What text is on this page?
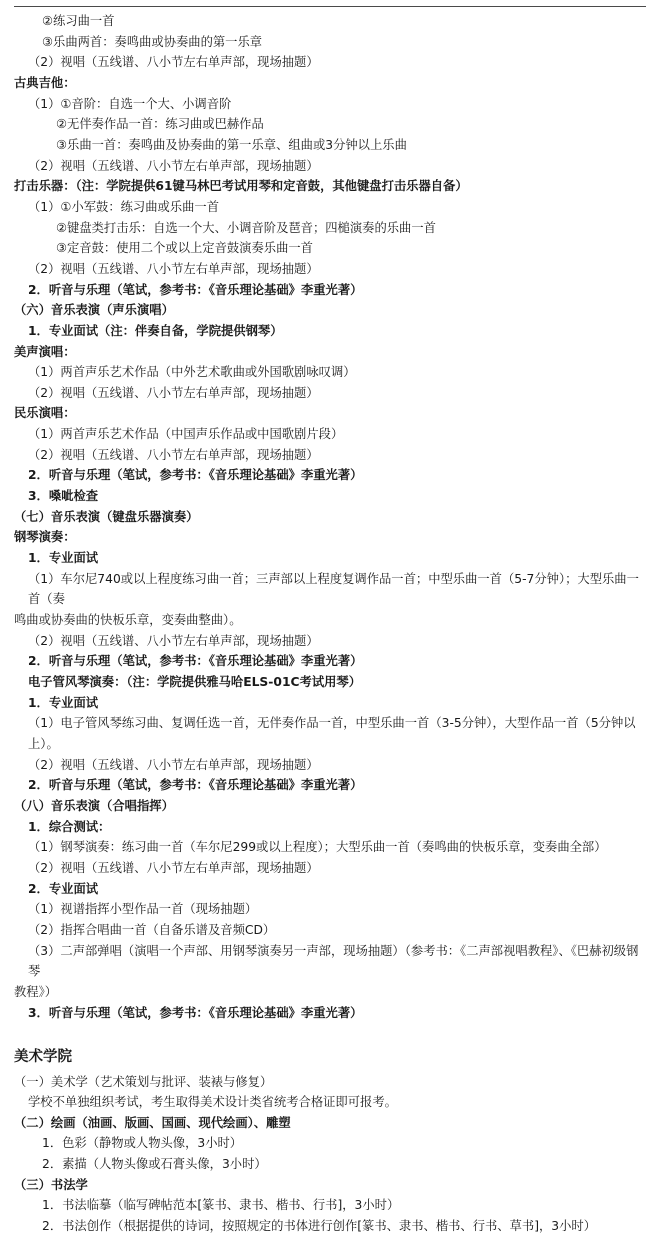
②练习曲一首
③乐曲两首：奏鸣曲或协奏曲的第一乐章
（2）视唱（五线谱、八小节左右单声部，现场抽题）
古典吉他：
（1）①音阶：自选一个大、小调音阶
②无伴奏作品一首：练习曲或巴赫作品
③乐曲一首：奏鸣曲及协奏曲的第一乐章、组曲或3分钟以上乐曲
（2）视唱（五线谱、八小节左右单声部，现场抽题）
打击乐器：（注：学院提供61键马林巴考试用琴和定音鼓，其他键盘打击乐器自备）
（1）①小军鼓：练习曲或乐曲一首
②键盘类打击乐：自选一个大、小调音阶及琶音；四槌演奏的乐曲一首
③定音鼓：使用二个或以上定音鼓演奏乐曲一首
（2）视唱（五线谱、八小节左右单声部，现场抽题）
2．听音与乐理（笔试，参考书：《音乐理论基础》李重光著）
（六）音乐表演（声乐演唱）
1．专业面试（注：伴奏自备，学院提供钢琴）
美声演唱：
（1）两首声乐艺术作品（中外艺术歌曲或外国歌剧咏叹调）
（2）视唱（五线谱、八小节左右单声部，现场抽题）
民乐演唱：
（1）两首声乐艺术作品（中国声乐作品或中国歌剧片段）
（2）视唱（五线谱、八小节左右单声部，现场抽题）
2．听音与乐理（笔试，参考书：《音乐理论基础》李重光著）
3．嗓呲检查
（七）音乐表演（键盘乐器演奏）
钢琴演奏：
1．专业面试
（1）车尔尼740或以上程度练习曲一首；三声部以上程度复调作品一首；中型乐曲一首（5-7分钟）；大型乐曲一首（奏
鸣曲或协奏曲的快板乐章，变奏曲整曲）。
（2）视唱（五线谱、八小节左右单声部，现场抽题）
2．听音与乐理（笔试，参考书：《音乐理论基础》李重光著）
电子管风琴演奏：（注：学院提供雅马哈ELS-01C考试用琴）
1．专业面试
（1）电子管风琴练习曲、复调任选一首，无伴奏作品一首，中型乐曲一首（3-5分钟），大型作品一首（5分钟以上）。
（2）视唱（五线谱、八小节左右单声部，现场抽题）
2．听音与乐理（笔试，参考书：《音乐理论基础》李重光著）
（八）音乐表演（合唱指挥）
1．综合测试：
（1）钢琴演奏：练习曲一首（车尔尼299或以上程度）；大型乐曲一首（奏鸣曲的快板乐章，变奏曲全部）
（2）视唱（五线谱、八小节左右单声部，现场抽题）
2．专业面试
（1）视谱指挥小型作品一首（现场抽题）
（2）指挥合唱曲一首（自备乐谱及音频CD）
（3）二声部弹唱（演唱一个声部、用钢琴演奏另一声部，现场抽题）（参考书：《二声部视唱教程》、《巴赫初级钢琴
教程》）
3．听音与乐理（笔试，参考书：《音乐理论基础》李重光著）
美术学院
（一）美术学（艺术策划与批评、装裱与修复）
学校不单独组织考试，考生取得美术设计类省统考合格证即可报考。
（二）绘画（油画、版画、国画、现代绘画）、雕塑
1．色彩（静物或人物头像，3小时）
2．素描（人物头像或石膏头像，3小时）
（三）书法学
1．书法临摹（临写碑帖范本[篆书、隶书、楷书、行书]，3小时）
2．书法创作（根据提供的诗词，按照规定的书体进行创作[篆书、隶书、楷书、行书、草书]，3小时）
